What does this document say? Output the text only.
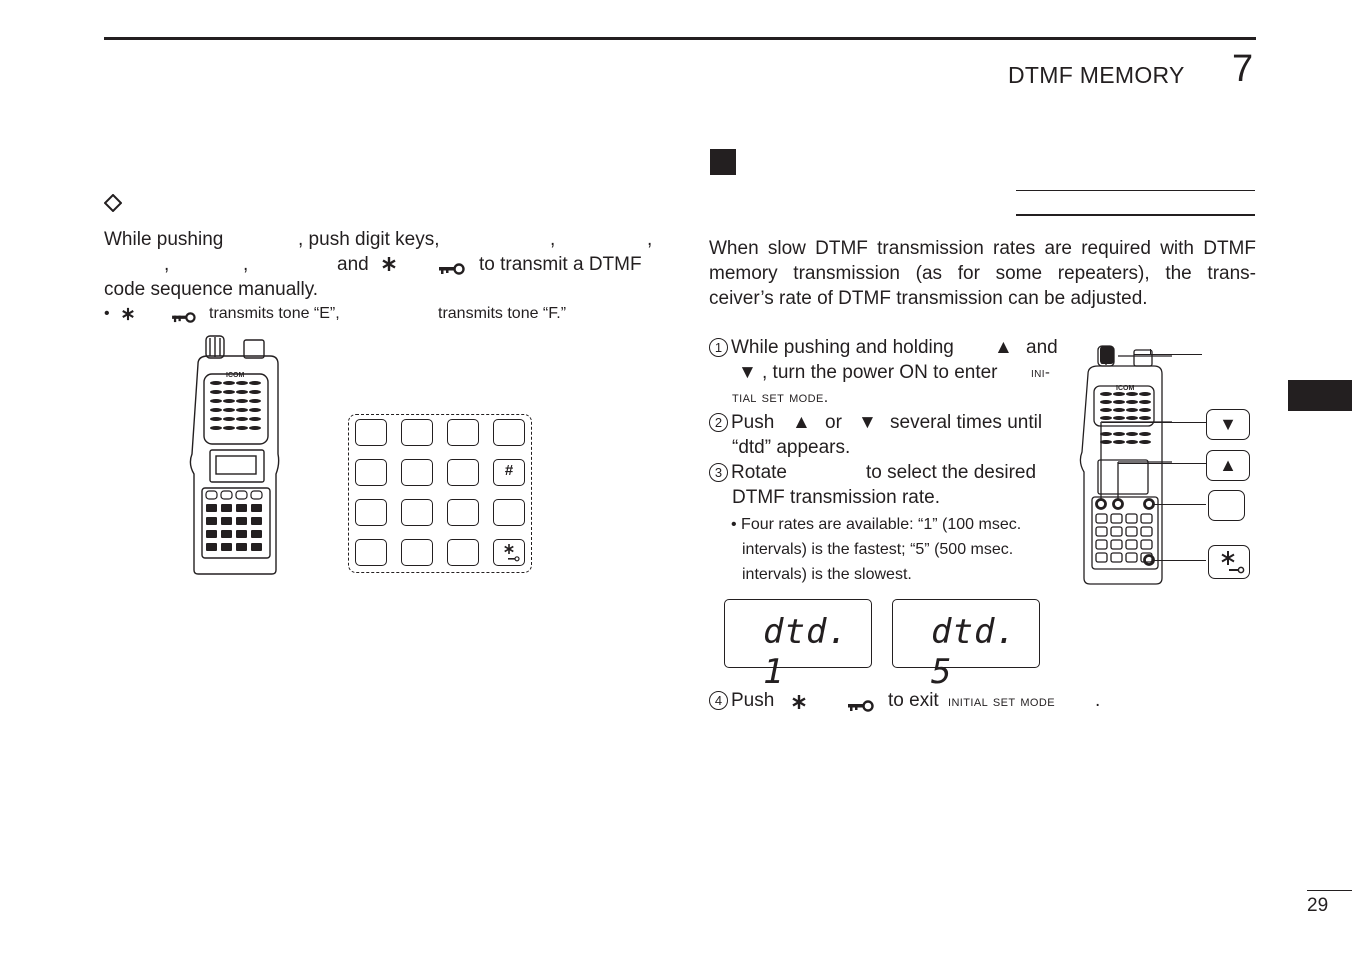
DTMF MEMORY 7
While pushing	, push digit keys,	,	,
,	,	and	to transmit a DTMF
code sequence manually.
•	transmits tone “E”,	transmits tone “F.”
ICOM
#
When slow DTMF transmission rates are required with DTMF
memory transmission (as for some repeaters), the trans-
ceiver’s rate of DTMF transmission can be adjusted.
1 While pushing and holding ▲ and
▼ , turn the power ON to enter ini-
tial set mode.
2 Push ▲ or ▼ several times until
“dtd” appears.
3 Rotate	to select the desired
DTMF transmission rate.
• Four rates are available: “1” (100 msec.
intervals) is the fastest; “5” (500 msec.
intervals) is the slowest.
ICOM
▼
▲
dtd. 1
dtd. 5
4 Push	to exit initial set mode .
29
